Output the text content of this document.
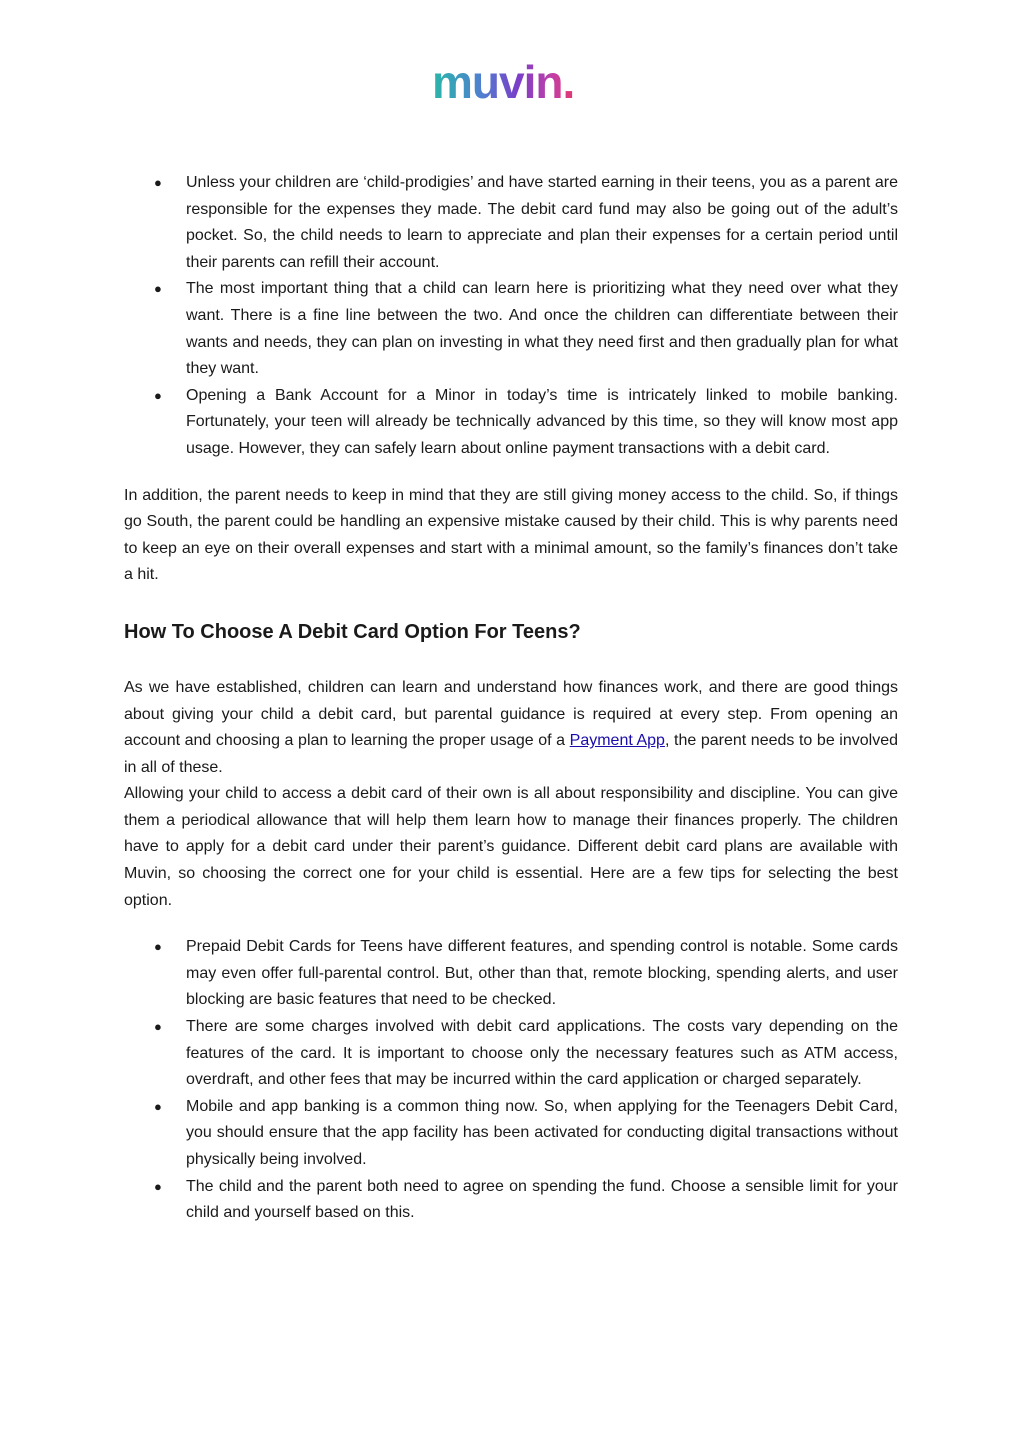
muvin.
● Unless your children are ‘child-prodigies’ and have started earning in their teens, you as a parent are responsible for the expenses they made. The debit card fund may also be going out of the adult’s pocket. So, the child needs to learn to appreciate and plan their expenses for a certain period until their parents can refill their account.
● The most important thing that a child can learn here is prioritizing what they need over what they want. There is a fine line between the two. And once the children can differentiate between their wants and needs, they can plan on investing in what they need first and then gradually plan for what they want.
● Opening a Bank Account for a Minor in today’s time is intricately linked to mobile banking. Fortunately, your teen will already be technically advanced by this time, so they will know most app usage. However, they can safely learn about online payment transactions with a debit card.

In addition, the parent needs to keep in mind that they are still giving money access to the child. So, if things go South, the parent could be handling an expensive mistake caused by their child. This is why parents need to keep an eye on their overall expenses and start with a minimal amount, so the family’s finances don’t take a hit.

How To Choose A Debit Card Option For Teens?

As we have established, children can learn and understand how finances work, and there are good things about giving your child a debit card, but parental guidance is required at every step. From opening an account and choosing a plan to learning the proper usage of a Payment App, the parent needs to be involved in all of these.

Allowing your child to access a debit card of their own is all about responsibility and discipline. You can give them a periodical allowance that will help them learn how to manage their finances properly. The children have to apply for a debit card under their parent’s guidance. Different debit card plans are available with Muvin, so choosing the correct one for your child is essential. Here are a few tips for selecting the best option.

● Prepaid Debit Cards for Teens have different features, and spending control is notable. Some cards may even offer full-parental control. But, other than that, remote blocking, spending alerts, and user blocking are basic features that need to be checked.
● There are some charges involved with debit card applications. The costs vary depending on the features of the card. It is important to choose only the necessary features such as ATM access, overdraft, and other fees that may be incurred within the card application or charged separately.
● Mobile and app banking is a common thing now. So, when applying for the Teenagers Debit Card, you should ensure that the app facility has been activated for conducting digital transactions without physically being involved.
● The child and the parent both need to agree on spending the fund. Choose a sensible limit for your child and yourself based on this.
